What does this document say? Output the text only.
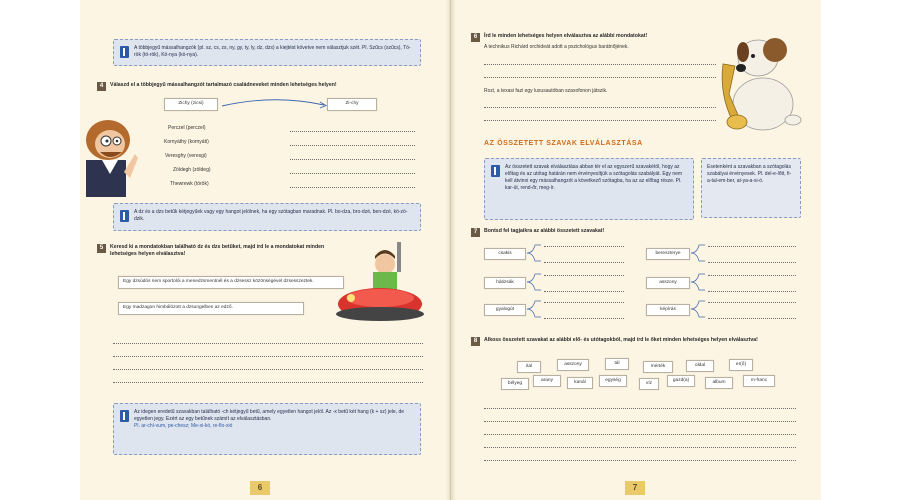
A többjegyű mássalhangzók (pl. sz, cs, zs, ny, gy, ty, ly, dz, dzs) a kiejtést követve nem választjuk szét. Pl. Szűcs (szűcs), Tö-rök (tö-rök), Kö-nya (kö-nya).
4	Válaszd el a többjegyű mássalhangzót tartalmazó családneveket minden lehetséges helyen!
Zichy (zicsi)	Zi-chy
Perczel (perczel)
Kornyáthy (kornyáti)
Veresghy (veresgi)
Zöldegh (zöldeg)
Thewrewk (török)
A dz és a dzs betűk kétjegyűek vagy egy hangot jelölnek, ha egy szótagban maradnak. Pl. bo-dza, bro-dzé, ben-dzé, kö-zö-dzik.
5	Keresd ki a mondatokban található dz és dzs betűket, majd írd le a mondatokat minden lehetséges helyen elválasztva!
Egy dzsúdós nem sportolói a menedzsmentnél és a dzsessz közönségével dzsesszeztek.
Egy madzagon himbálózott a dzsungelben az edző.
Az idegen eredetű szavakban található -ch kétjegyű betű, amely egyetlen hangot jelöl. Az -x betű két hang (k + sz) jele, de egyetlen jegy. Ezért az egy betűnek számít az elválasztásban.
Pl. ar-chí-vum, pe-chesz; Me-xi-kó, re-flo-xió
6
6	Írd le minden lehetséges helyen elválasztva az alábbi mondatokat!
A technikus Richárd orchideát adott a pszichológus barátnőjének.
Rozi, a texasi fazi egy luxusautóban szaxofonon játszik.
AZ ÖSSZETETT SZAVAK ELVÁLASZTÁSA
Az összetett szavak elválasztása abban tér el az egyszerű szavakétól, hogy az előtag és az utótag határán nem érvényesítjük a szótagolás szabályát. Egy nem kell átvinni egy mássalhangzót a következő szótagba, ha az az előtag része. Pl. kar-üt, rend-őr, meg-ír.
Esetenként a szavakban a szótagolás szabályai érvényesek. Pl. del-e-lőtt, fi-a-tal-em-ber, at-ya-a-si-ó.
7	Bontsd fel tagjaikra az alábbi összetett szavakat!
csakis
hátizsák
gyalogút
bereszterye
asszony
képírás
8	Alkoss összetett szavakat az alábbi elő- és utótagokból, majd írd le őket minden lehetséges helyen elválasztva!
ital	asszony	tál
mérték	oldal	er(ő)
bélyeg
arany	kanál	egység
víz
gazd(a)	album	m-franc
7
